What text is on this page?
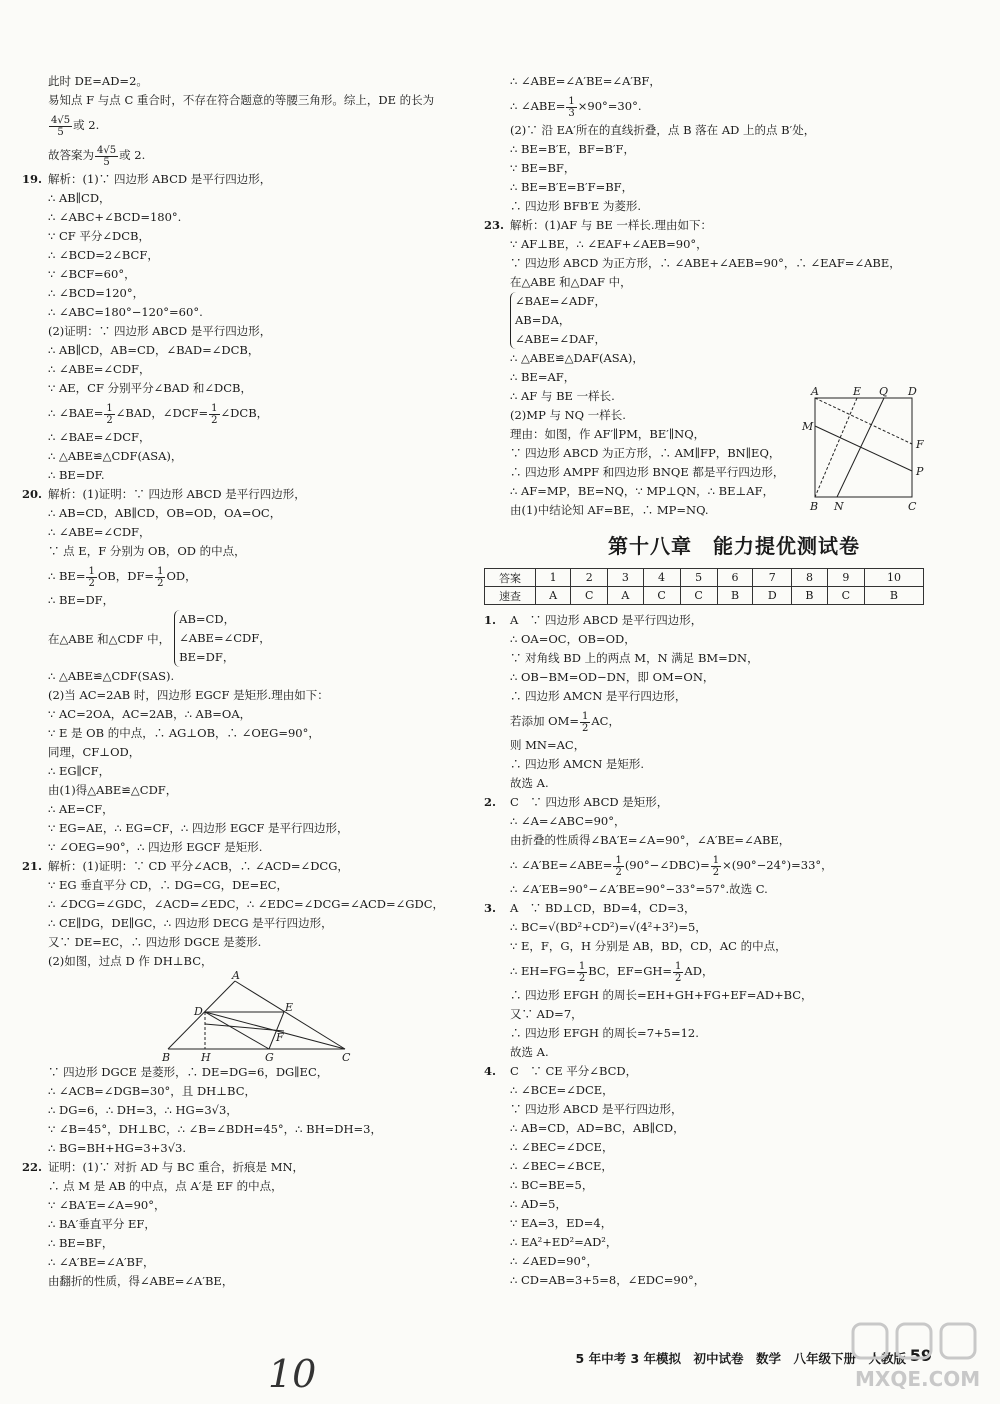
此时 DE=AD=2。
易知点 F 与点 C 重合时，不存在符合题意的等腰三角形。综上，DE 的长为
$\frac{4√5}{5}$ 或 2.
故答案为 $\frac{4√5}{5}$ 或 2.
19. 解析：(1)∵ 四边形 ABCD 是平行四边形，
∴ AB∥CD，
∴ ∠ABC+∠BCD=180°.
∵ CF 平分∠DCB，
∴ ∠BCD=2∠BCF，
∵ ∠BCF=60°，
∴ ∠BCD=120°，
∴ ∠ABC=180°−120°=60°.
(2)证明：∵ 四边形 ABCD 是平行四边形，
∴ AB∥CD，AB=CD，∠BAD=∠DCB，
∴ ∠ABE=∠CDF，
∵ AE，CF 分别平分∠BAD 和∠DCB，
∴ ∠BAE= $\frac{1}{2}$ ∠BAD，∠DCF= $\frac{1}{2}$ ∠DCB，
∴ ∠BAE=∠DCF，
∴ △ABE≌△CDF(ASA)，
∴ BE=DF.
20. 解析：(1)证明：∵ 四边形 ABCD 是平行四边形，
∴ AB=CD，AB∥CD，OB=OD，OA=OC，
∴ ∠ABE=∠CDF，
∵ 点 E，F 分别为 OB，OD 的中点，
∴ $BE= \frac{1}{2}$ OB，$DF= \frac{1}{2}$ OD，
∴ BE=DF，
在△ABE 和△CDF 中，
AB=CD，
∠ABE=∠CDF，
BE=DF，
∴ △ABE≌△CDF(SAS).
(2)当 AC=2AB 时，四边形 EGCF 是矩形.理由如下：
∵ AC=2OA，AC=2AB，∴ AB=OA，
∵ E 是 OB 的中点，∴ AG⊥OB，∴ ∠OEG=90°，
同理，CF⊥OD，
∴ EG∥CF，
由(1)得△ABE≌△CDF，
∴ AE=CF，
∵ EG=AE，∴ EG=CF，∴ 四边形 EGCF 是平行四边形，
∵ ∠OEG=90°，∴ 四边形 EGCF 是矩形.
21. 解析：(1)证明：∵ CD 平分∠ACB，∴ ∠ACD=∠DCG，
∵ EG 垂直平分 CD，∴ DG=CG，DE=EC，
∴ ∠DCG=∠GDC，∠ACD=∠EDC，∴ ∠EDC=∠DCG=∠ACD=∠GDC，
∴ CE∥DG，DE∥GC，∴ 四边形 DECG 是平行四边形，
又∵ DE=EC，∴ 四边形 DGCE 是菱形.
(2)如图，过点 D 作 DH⊥BC，
A
D	E
F
B	H	G	C
∵ 四边形 DGCE 是菱形，∴ DE=DG=6，DG∥EC，
∴ ∠ACB=∠DGB=30°，且 DH⊥BC，
∴ DG=6，∴ DH=3，∴ HG=3√3，
∵ ∠B=45°，DH⊥BC，∴ ∠B=∠BDH=45°，∴ BH=DH=3，
∴ BG=BH+HG=3+3√3.
22. 证明：(1)∵ 对折 AD 与 BC 重合，折痕是 MN，
∴ 点 M 是 AB 的中点，点 A′是 EF 的中点，
∵ ∠BA′E=∠A=90°，
∴ BA′垂直平分 EF，
∴ BE=BF，
∴ ∠A′BE=∠A′BF，
由翻折的性质，得∠ABE=∠A′BE，
∴ ∠ABE=∠A′BE=∠A′BF，
∴ ∠ABE= $\frac{1}{3} \times 90^\circ=30^\circ$.
(2)∵ 沿 EA′所在的直线折叠，点 B 落在 AD 上的点 B′处，
∴ BE=B′E，BF=B′F，
∵ BE=BF，
∴ BE=B′E=B′F=BF，
∴ 四边形 BFB′E 为菱形.
23. 解析：(1)AF 与 BE 一样长.理由如下：
∵ AF⊥BE，∴ ∠EAF+∠AEB=90°，
∵ 四边形 ABCD 为正方形，∴ ∠ABE+∠AEB=90°，∴ ∠EAF=∠ABE，
在△ABE 和△DAF 中，
∠BAE=∠ADF，
AB=DA，
∠ABE=∠DAF，
∴ △ABE≌△DAF(ASA)，
∴ BE=AF，
∴ AF 与 BE 一样长.
(2)MP 与 NQ 一样长.
理由：如图，作 AF′∥PM，BE′∥NQ，
∵ 四边形 ABCD 为正方形，∴ AM∥FP，BN∥EQ，
∴ 四边形 AMPF 和四边形 BNQE 都是平行四边形，
∴ AF=MP，BE=NQ，∵ MP⊥QN，∴ BE⊥AF，
由(1)中结论知 AF=BE，∴ MP=NQ.
A	E Q D
M
F
P
B N	C
第十八章　能力提优测试卷
答案	1	2	3	4	5	6	7	8	9	10
速查	A	C	A	C	C	B	D	B	C	B
1. A　∵ 四边形 ABCD 是平行四边形，
∴ OA=OC，OB=OD，
∵ 对角线 BD 上的两点 M，N 满足 BM=DN，
∴ OB−BM=OD−DN，即 OM=ON，
∴ 四边形 AMCN 是平行四边形，
若添加 $OM= \frac{1}{2}$ AC，
则 MN=AC，
∴ 四边形 AMCN 是矩形.
故选 A.
2. C　∵ 四边形 ABCD 是矩形，
∴ ∠A=∠ABC=90°，
由折叠的性质得∠BA′E=∠A=90°，∠A′BE=∠ABE，
∴ ∠A′BE=∠ABE= $\frac{1}{2}$ (90°−∠DBC)= $\frac{1}{2} \times(90^\circ-24^\circ)=33^\circ$，
∴ ∠A′EB=90°−∠A′BE=90°−33°=57°.故选 C.
3. A　∵ BD⊥CD，BD=4，CD=3，
∴ BC=√(BD²+CD²)=√(4²+3²)=5，
∵ E，F，G，H 分别是 AB，BD，CD，AC 的中点，
∴ $EH=FG= \frac{1}{2}$ BC，$EF=GH= \frac{1}{2}$ AD，
∴ 四边形 EFGH 的周长=EH+GH+FG+EF=AD+BC，
又∵ AD=7，
∴ 四边形 EFGH 的周长=7+5=12.
故选 A.
4. C　∵ CE 平分∠BCD，
∴ ∠BCE=∠DCE，
∵ 四边形 ABCD 是平行四边形，
∴ AB=CD，AD=BC，AB∥CD，
∴ ∠BEC=∠DCE，
∴ ∠BEC=∠BCE，
∴ BC=BE=5，
∴ AD=5，
∵ EA=3，ED=4，
∴ EA²+ED²=AD²，
∴ ∠AED=90°，
∴ CD=AB=3+5=8，∠EDC=90°，
5 年中考 3 年模拟　初中试卷　数学　八年级下册　人教版 59
10	MXQE.COM
